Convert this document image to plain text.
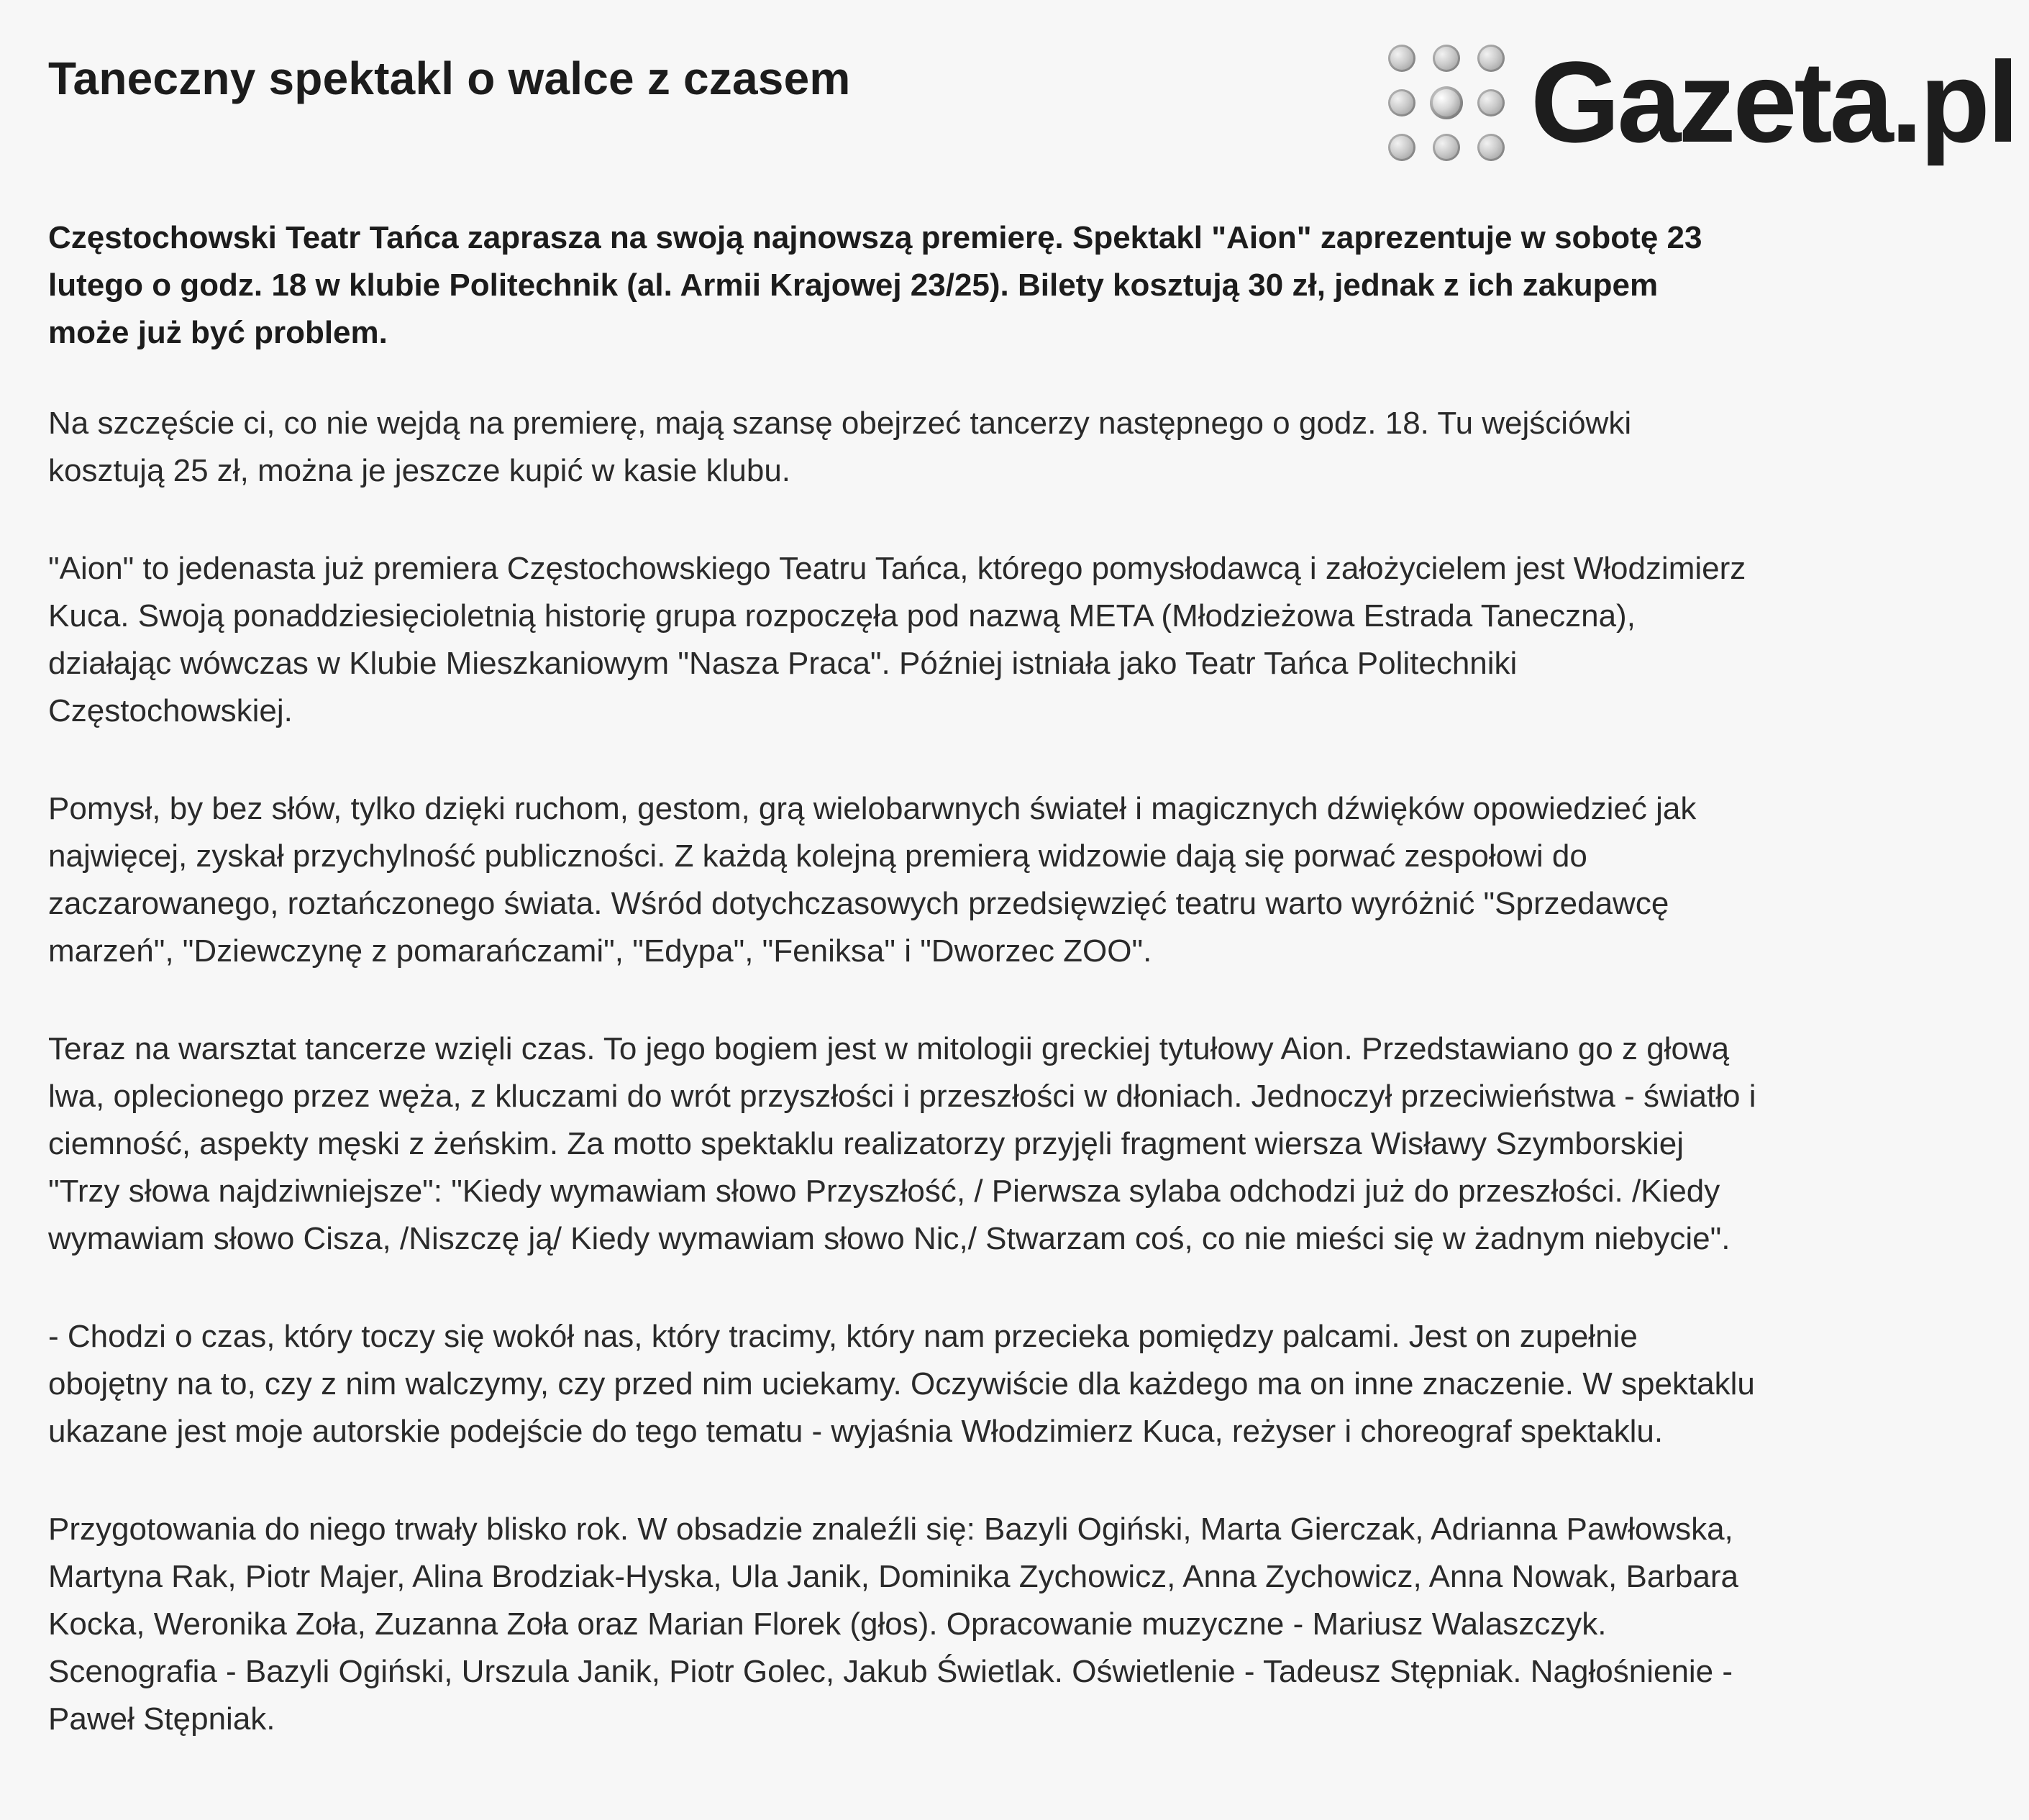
Taneczny spektakl o walce z czasem	Gazeta.pl
Częstochowski Teatr Tańca zaprasza na swoją najnowszą premierę. Spektakl "Aion" zaprezentuje w sobotę 23
lutego o godz. 18 w klubie Politechnik (al. Armii Krajowej 23/25). Bilety kosztują 30 zł, jednak z ich zakupem
może już być problem.

Na szczęście ci, co nie wejdą na premierę, mają szansę obejrzeć tancerzy następnego o godz. 18. Tu wejściówki
kosztują 25 zł, można je jeszcze kupić w kasie klubu.

"Aion" to jedenasta już premiera Częstochowskiego Teatru Tańca, którego pomysłodawcą i założycielem jest Włodzimierz
Kuca. Swoją ponaddziesięcioletnią historię grupa rozpoczęła pod nazwą META (Młodzieżowa Estrada Taneczna),
działając wówczas w Klubie Mieszkaniowym "Nasza Praca". Później istniała jako Teatr Tańca Politechniki
Częstochowskiej.

Pomysł, by bez słów, tylko dzięki ruchom, gestom, grą wielobarwnych świateł i magicznych dźwięków opowiedzieć jak
najwięcej, zyskał przychylność publiczności. Z każdą kolejną premierą widzowie dają się porwać zespołowi do
zaczarowanego, roztańczonego świata. Wśród dotychczasowych przedsięwzięć teatru warto wyróżnić "Sprzedawcę
marzeń", "Dziewczynę z pomarańczami", "Edypa", "Feniksa" i "Dworzec ZOO".

Teraz na warsztat tancerze wzięli czas. To jego bogiem jest w mitologii greckiej tytułowy Aion. Przedstawiano go z głową
lwa, oplecionego przez węża, z kluczami do wrót przyszłości i przeszłości w dłoniach. Jednoczył przeciwieństwa - światło i
ciemność, aspekty męski z żeńskim. Za motto spektaklu realizatorzy przyjęli fragment wiersza Wisławy Szymborskiej
"Trzy słowa najdziwniejsze": "Kiedy wymawiam słowo Przyszłość, / Pierwsza sylaba odchodzi już do przeszłości. /Kiedy
wymawiam słowo Cisza, /Niszczę ją/ Kiedy wymawiam słowo Nic,/ Stwarzam coś, co nie mieści się w żadnym niebycie".

- Chodzi o czas, który toczy się wokół nas, który tracimy, który nam przecieka pomiędzy palcami. Jest on zupełnie
obojętny na to, czy z nim walczymy, czy przed nim uciekamy. Oczywiście dla każdego ma on inne znaczenie. W spektaklu
ukazane jest moje autorskie podejście do tego tematu - wyjaśnia Włodzimierz Kuca, reżyser i choreograf spektaklu.

Przygotowania do niego trwały blisko rok. W obsadzie znaleźli się: Bazyli Ogiński, Marta Gierczak, Adrianna Pawłowska,
Martyna Rak, Piotr Majer, Alina Brodziak-Hyska, Ula Janik, Dominika Zychowicz, Anna Zychowicz, Anna Nowak, Barbara
Kocka, Weronika Zoła, Zuzanna Zoła oraz Marian Florek (głos). Opracowanie muzyczne - Mariusz Walaszczyk.
Scenografia - Bazyli Ogiński, Urszula Janik, Piotr Golec, Jakub Świetlak. Oświetlenie - Tadeusz Stępniak. Nagłośnienie -
Paweł Stępniak.
